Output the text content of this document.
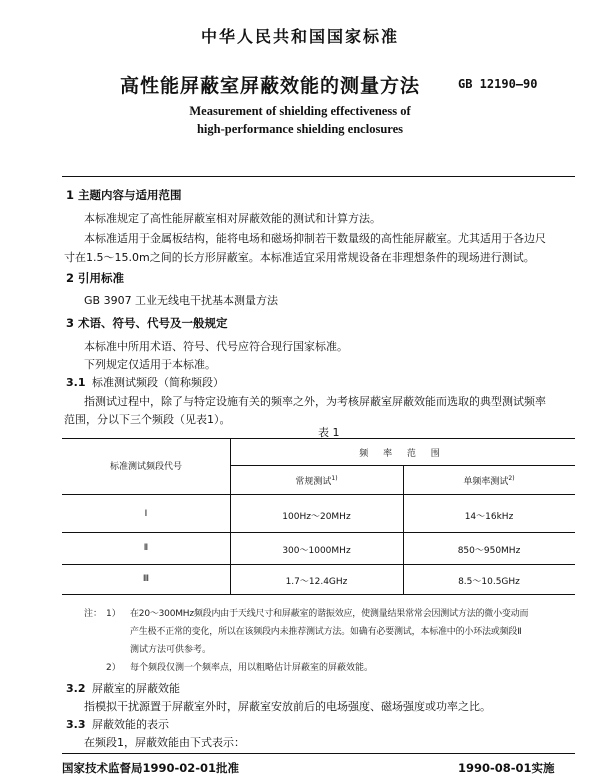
中华人民共和国国家标准
高性能屏蔽室屏蔽效能的测量方法	GB 12190—90
Measurement of shielding effectiveness of
high-performance shielding enclosures
1 主题内容与适用范围
本标准规定了高性能屏蔽室相对屏蔽效能的测试和计算方法。
本标准适用于金属板结构，能将电场和磁场抑制若干数量级的高性能屏蔽室。尤其适用于各边尺
寸在1.5～15.0m之间的长方形屏蔽室。本标准适宜采用常规设备在非理想条件的现场进行测试。
2 引用标准
GB 3907 工业无线电干扰基本测量方法
3 术语、符号、代号及一般规定
本标准中所用术语、符号、代号应符合现行国家标准。
下列规定仅适用于本标准。
3.1 标准测试频段（简称频段）
指测试过程中，除了与特定设施有关的频率之外，为考核屏蔽室屏蔽效能而选取的典型测试频率
范围，分以下三个频段（见表1）。
表 1
标准测试频段代号
频 率 范 围
常规测试$^{1)}$	单频率测试$^{2)}$
Ⅰ	100Hz～20MHz	14～16kHz
Ⅱ	300～1000MHz	850～950MHz
Ⅲ	1.7～12.4GHz	8.5～10.5GHz
注： 1） 在20～300MHz频段内由于天线尺寸和屏蔽室的谐振效应，使测量结果常常会因测试方法的微小变动而
产生极不正常的变化，所以在该频段内未推荐测试方法。如确有必要测试，本标准中的小环法或频段Ⅱ
测试方法可供参考。
2） 每个频段仅测一个频率点，用以粗略估计屏蔽室的屏蔽效能。
3.2 屏蔽室的屏蔽效能
指模拟干扰源置于屏蔽室外时，屏蔽室安放前后的电场强度、磁场强度或功率之比。
3.3 屏蔽效能的表示
在频段1，屏蔽效能由下式表示：
国家技术监督局1990-02-01批准	1990-08-01实施
